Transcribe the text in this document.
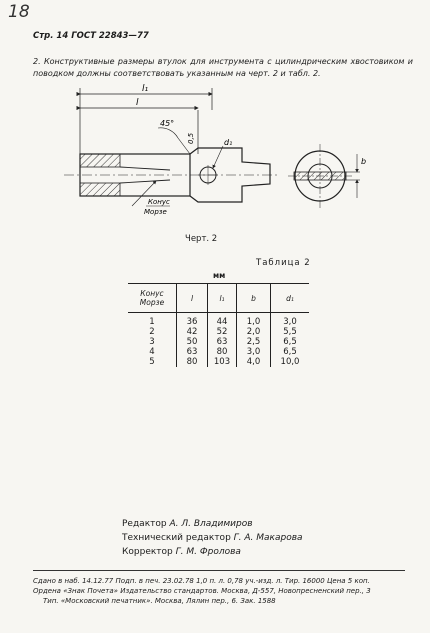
18
Стр. 14 ГОСТ 22843—77
2. Конструктивные размеры втулок для инструмента с цилиндрическим хвостовиком и поводком должны соответствовать указанным на черт. 2 и табл. 2.
l₁
l
45°
0,5	d₁
Конус
Морзе
b
Черт. 2
Таблица 2
мм
Конус Морзе	l	l₁	b	d₁
1	36	44	1,0	3,0
2	42	52	2,0	5,5
3	50	63	2,5	6,5
4	63	80	3,0	6,5
5	80	103	4,0	10,0
Редактор А. Л. Владимиров
Технический редактор Г. А. Макарова
Корректор Г. М. Фролова
Сдано в наб. 14.12.77 Подп. в печ. 23.02.78 1,0 п. л. 0,78 уч.-изд. л. Тир. 16000 Цена 5 коп.
Ордена «Знак Почета» Издательство стандартов. Москва, Д-557, Новопресненский пер., 3
Тип. «Московский печатник». Москва, Лялин пер., 6. Зак. 1588
